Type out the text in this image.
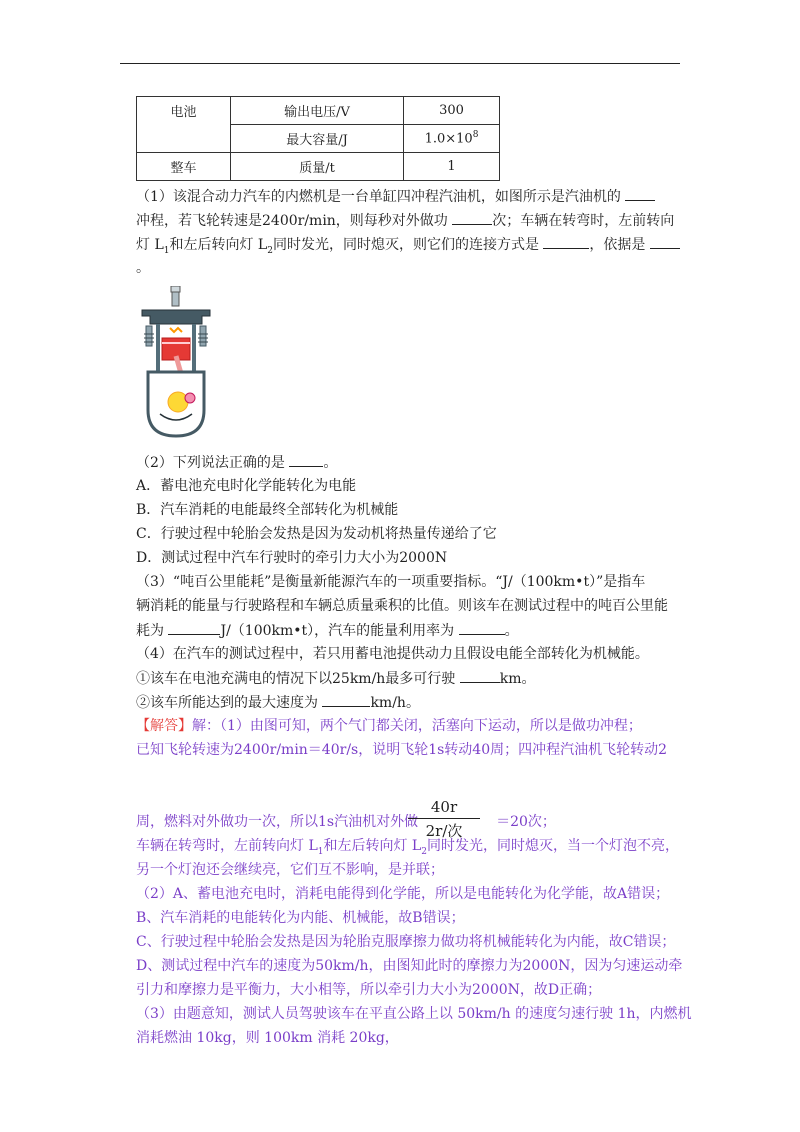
电池	输出电压/V	300
	最大容量/J	$1.0\times 10^8$
整车	质量/t	1
（1）该混合动力汽车的内燃机是一台单缸四冲程汽油机，如图所示是汽油机的
冲程，若飞轮转速是2400r/min，则每秒对外做功	次；车辆在转弯时，左前转向
灯 $L_1$和左后转向灯 $L_2$同时发光，同时熄灭，则它们的连接方式是	，依据是
。
（2）下列说法正确的是 。
A．蓄电池充电时化学能转化为电能
B．汽车消耗的电能最终全部转化为机械能
C．行驶过程中轮胎会发热是因为发动机将热量传递给了它
D．测试过程中汽车行驶时的牵引力大小为2000N
（3）“吨百公里能耗”是衡量新能源汽车的一项重要指标。“J/（100km•t）”是指车
辆消耗的能量与行驶路程和车辆总质量乘积的比值。则该车在测试过程中的吨百公里能
耗为	J/（100km•t），汽车的能量利用率为	。
（4）在汽车的测试过程中，若只用蓄电池提供动力且假设电能全部转化为机械能。
①该车在电池充满电的情况下以25km/h最多可行驶	km。
②该车所能达到的最大速度为	km/h。
【解答】解：（1）由图可知，两个气门都关闭，活塞向下运动，所以是做功冲程；
已知飞轮转速为2400r/min＝40r/s，说明飞轮1s转动40周；四冲程汽油机飞轮转动2
周，燃料对外做功一次，所以1s汽油机对外做	＝20次；
车辆在转弯时，左前转向灯 $L_1$和左后转向灯 $L_2$同时发光，同时熄灭，当一个灯泡不亮，
另一个灯泡还会继续亮，它们互不影响，是并联；
（2）A、蓄电池充电时，消耗电能得到化学能，所以是电能转化为化学能，故A错误；
B、汽车消耗的电能转化为内能、机械能，故B错误；
C、行驶过程中轮胎会发热是因为轮胎克服摩擦力做功将机械能转化为内能，故C错误；
D、测试过程中汽车的速度为50km/h，由图知此时的摩擦力为2000N，因为匀速运动牵
引力和摩擦力是平衡力，大小相等，所以牵引力大小为2000N，故D正确；
（3）由题意知，测试人员驾驶该车在平直公路上以 50km/h 的速度匀速行驶 1h，内燃机
消耗燃油 10kg，则 100km 消耗 20kg，
40r
2r/次
